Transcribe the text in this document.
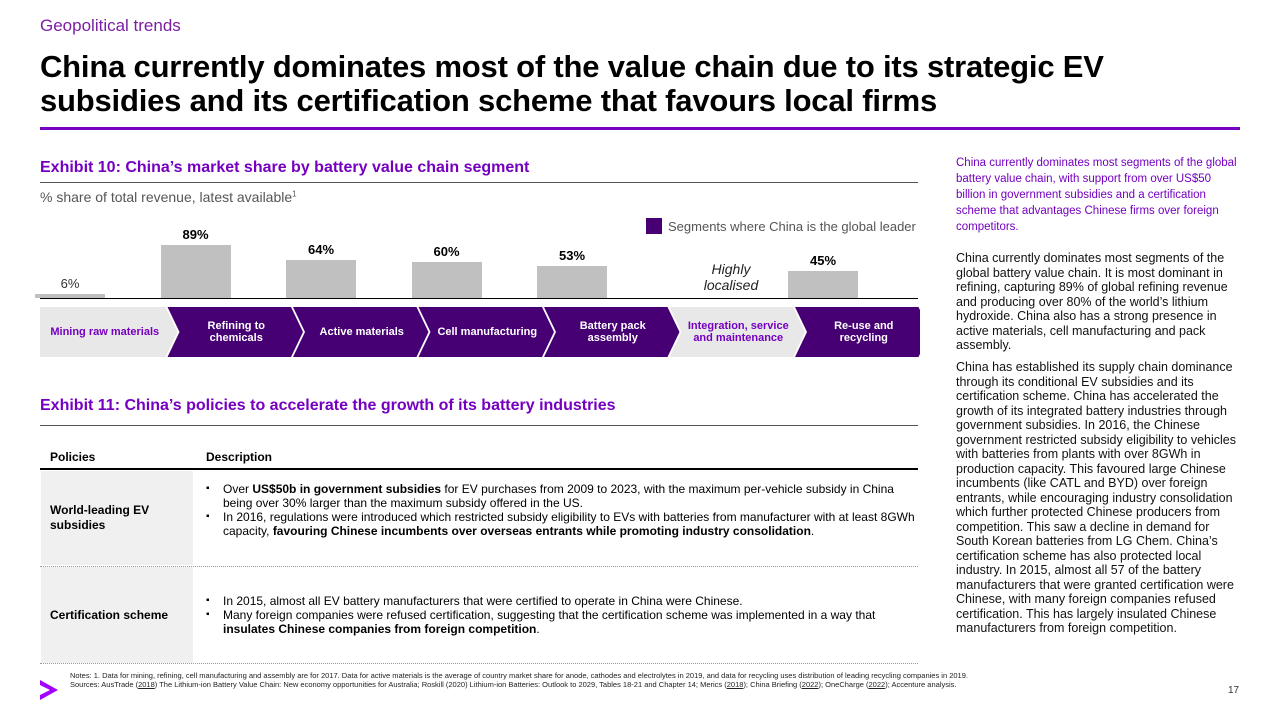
Geopolitical trends
China currently dominates most of the value chain due to its strategic EV subsidies and its certification scheme that favours local firms
Exhibit 10: China’s market share by battery value chain segment
% share of total revenue, latest available$^1$
Segments where China is the global leader
6%
89%
64%	60%	53%	45%
Highly localised
Mining raw materials	Refining to chemicals	Active materials	Cell manufacturing	Battery pack assembly
Integration, service and maintenance
Re-use and recycling
Exhibit 11: China’s policies to accelerate the growth of its battery industries
Policies	Description
World-leading EV subsidies
▪ Over US$50b in government subsidies for EV purchases from 2009 to 2023, with the maximum per-vehicle subsidy in China being over 30% larger than the maximum subsidy offered in the US.
▪ In 2016, regulations were introduced which restricted subsidy eligibility to EVs with batteries from manufacturer with at least 8GWh capacity, favouring Chinese incumbents over overseas entrants while promoting industry consolidation.
Certification scheme
▪ In 2015, almost all EV battery manufacturers that were certified to operate in China were Chinese.
▪ Many foreign companies were refused certification, suggesting that the certification scheme was implemented in a way that insulates Chinese companies from foreign competition.
China currently dominates most segments of the global battery value chain, with support from over US$50 billion in government subsidies and a certification scheme that advantages Chinese firms over foreign competitors.
China currently dominates most segments of the global battery value chain. It is most dominant in refining, capturing 89% of global refining revenue and producing over 80% of the world’s lithium hydroxide. China also has a strong presence in active materials, cell manufacturing and pack assembly.
China has established its supply chain dominance through its conditional EV subsidies and its certification scheme. China has accelerated the growth of its integrated battery industries through government subsidies. In 2016, the Chinese government restricted subsidy eligibility to vehicles with batteries from plants with over 8GWh in production capacity. This favoured large Chinese incumbents (like CATL and BYD) over foreign entrants, while encouraging industry consolidation which further protected Chinese producers from competition. This saw a decline in demand for South Korean batteries from LG Chem. China’s certification scheme has also protected local industry. In 2015, almost all 57 of the battery manufacturers that were granted certification were Chinese, with many foreign companies refused certification. This has largely insulated Chinese manufacturers from foreign competition.
Notes: 1. Data for mining, refining, cell manufacturing and assembly are for 2017. Data for active materials is the average of country market share for anode, cathodes and electrolytes in 2019, and data for recycling uses distribution of leading recycling companies in 2019.
Sources: AusTrade (2018) The Lithium-ion Battery Value Chain: New economy opportunities for Australia; Roskill (2020) Lithium-ion Batteries: Outlook to 2029, Tables 18-21 and Chapter 14; Merics (2018); China Briefing (2022); OneCharge (2022); Accenture analysis.
17
